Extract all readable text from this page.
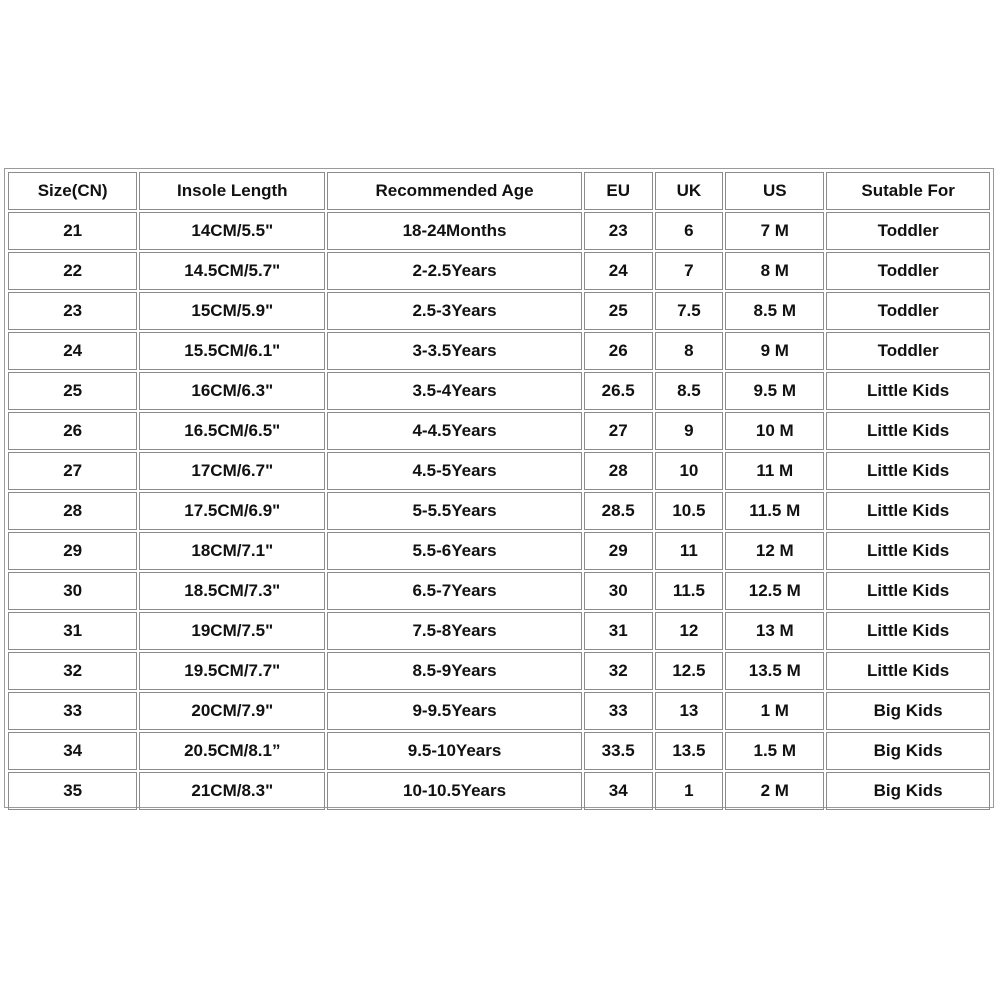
Size(CN)	Insole Length	Recommended Age	EU	UK	US	Sutable For
21	14CM/5.5"	18-24Months	23	6	7 M	Toddler
22	14.5CM/5.7"	2-2.5Years	24	7	8 M	Toddler
23	15CM/5.9"	2.5-3Years	25	7.5	8.5 M	Toddler
24	15.5CM/6.1"	3-3.5Years	26	8	9 M	Toddler
25	16CM/6.3"	3.5-4Years	26.5	8.5	9.5 M	Little Kids
26	16.5CM/6.5"	4-4.5Years	27	9	10 M	Little Kids
27	17CM/6.7"	4.5-5Years	28	10	11 M	Little Kids
28	17.5CM/6.9"	5-5.5Years	28.5	10.5	11.5 M	Little Kids
29	18CM/7.1"	5.5-6Years	29	11	12 M	Little Kids
30	18.5CM/7.3"	6.5-7Years	30	11.5	12.5 M	Little Kids
31	19CM/7.5"	7.5-8Years	31	12	13 M	Little Kids
32	19.5CM/7.7"	8.5-9Years	32	12.5	13.5 M	Little Kids
33	20CM/7.9"	9-9.5Years	33	13	1 M	Big Kids
34	20.5CM/8.1”	9.5-10Years	33.5	13.5	1.5 M	Big Kids
35	21CM/8.3"	10-10.5Years	34	1	2 M	Big Kids
